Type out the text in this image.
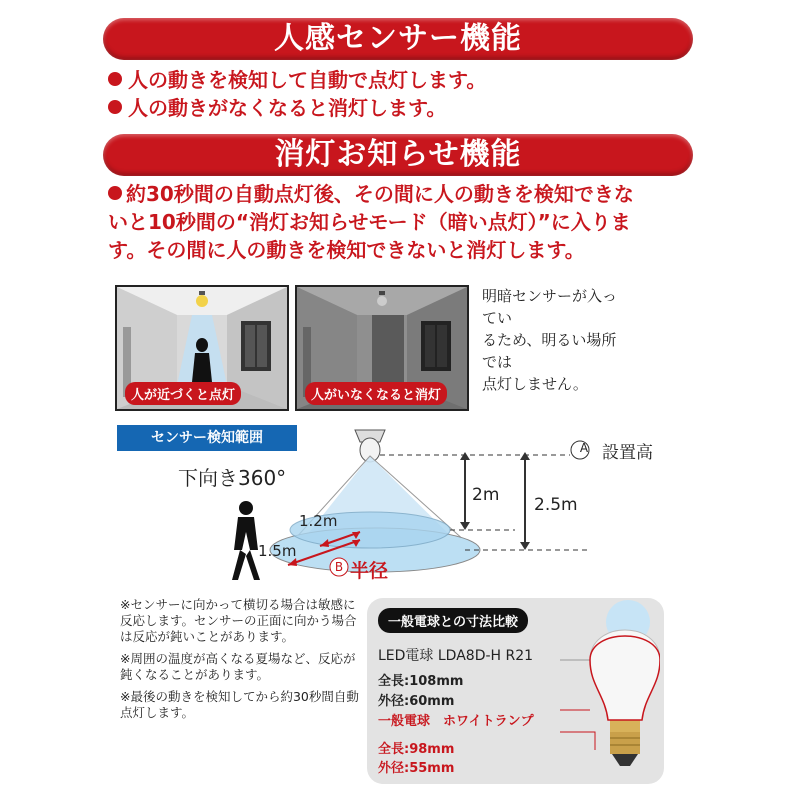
人感センサー機能
人の動きを検知して自動で点灯します。
人の動きがなくなると消灯します。
消灯お知らせ機能
約30秒間の自動点灯後、その間に人の動きを検知できな
いと10秒間の“消灯お知らせモード（暗い点灯）”に入りま
す。その間に人の動きを検知できないと消灯します。
人が近づくと点灯	人がいなくなると消灯
明暗センサーが入ってい
るため、明るい場所では
点灯しません。
センサー検知範囲
下向き360°
A 設置高
2m 2.5m
1.2m
1.5m
B 半径

※センサーに向かって横切る場合は敏感に反応します。センサーの正面に向かう場合は反応が鈍いことがあります。

※周囲の温度が高くなる夏場など、反応が鈍くなることがあります。

※最後の動きを検知してから約30秒間自動点灯します。

一般電球との寸法比較
LED電球 LDA8D-H R21
全長:108mm
外径:60mm
一般電球　ホワイトランプ
全長:98mm
外径:55mm
